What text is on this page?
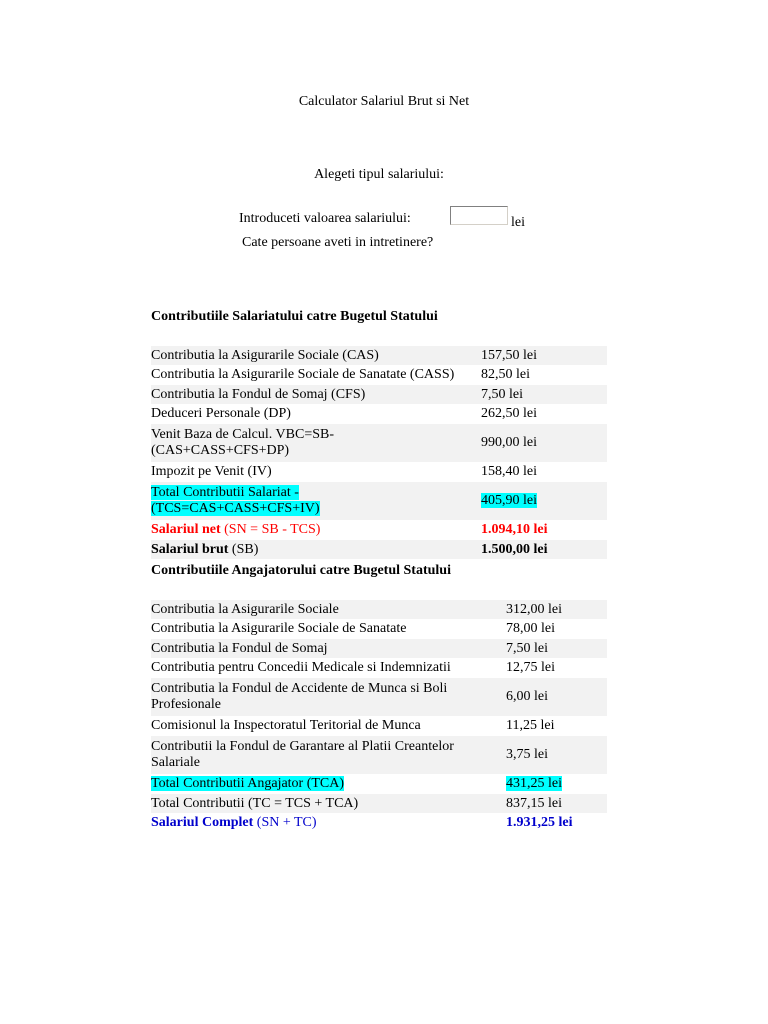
Calculator Salariul Brut si Net
Alegeti tipul salariului:
Introduceti valoarea salariului:	lei
Cate persoane aveti in intretinere?
Contributiile Salariatului catre Bugetul Statului
Contributia la Asigurarile Sociale (CAS)	157,50 lei
Contributia la Asigurarile Sociale de Sanatate (CASS)	82,50 lei
Contributia la Fondul de Somaj (CFS)	7,50 lei
Deduceri Personale (DP)	262,50 lei

Venit Baza de Calcul. VBC=SB-(CAS+CASS+CFS+DP)	990,00 lei
Impozit pe Venit (IV)	158,40 lei

Total Contributii Salariat - (TCS=CAS+CASS+CFS+IV)	405,90 lei
Salariul net (SN = SB - TCS)	1.094,10 lei
Salariul brut (SB)	1.500,00 lei
Contributiile Angajatorului catre Bugetul Statului
Contributia la Asigurarile Sociale	312,00 lei
Contributia la Asigurarile Sociale de Sanatate	78,00 lei
Contributia la Fondul de Somaj	7,50 lei
Contributia pentru Concedii Medicale si Indemnizatii	12,75 lei

Contributia la Fondul de Accidente de Munca si Boli Profesionale	6,00 lei
Comisionul la Inspectoratul Teritorial de Munca	11,25 lei

Contributii la Fondul de Garantare al Platii Creantelor Salariale	3,75 lei
Total Contributii Angajator (TCA)	431,25 lei
Total Contributii (TC = TCS + TCA)	837,15 lei
Salariul Complet (SN + TC)	1.931,25 lei
